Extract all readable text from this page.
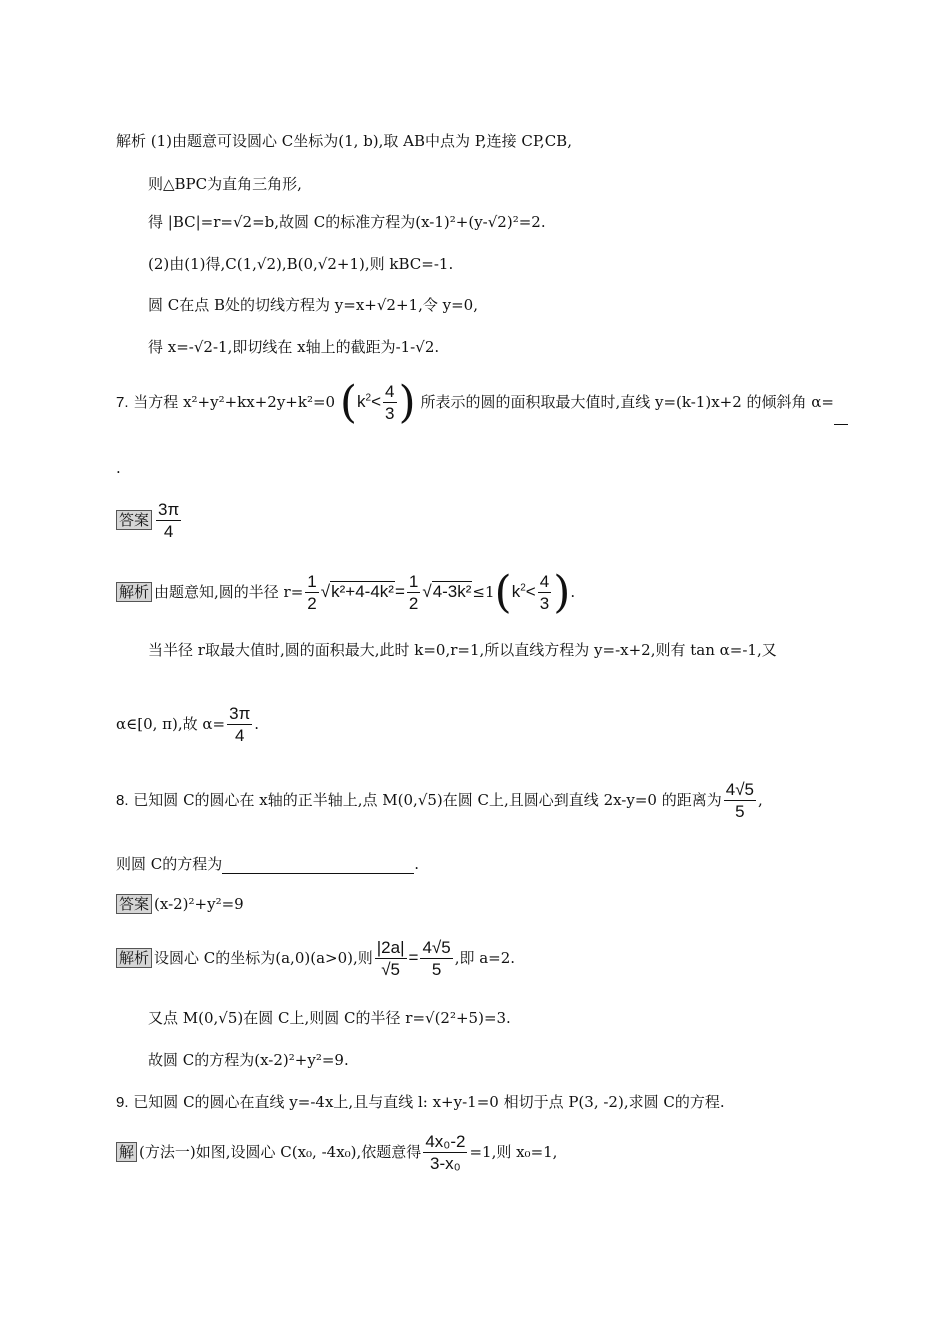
解析 (1)由题意可设圆心 C坐标为(1, b),取 AB中点为 P,连接 CP,CB,
则△BPC为直角三角形,
得 |BC|=r=√2=b,故圆 C的标准方程为(x-1)²+(y-√2)²=2.
(2)由(1)得,C(1,√2),B(0,√2+1),则 kBC=-1.
圆 C在点 B处的切线方程为 y=x+√2+1,令 y=0,
得 x=-√2-1,即切线在 x轴上的截距为-1-√2.
7. 当方程 x²+y²+kx+2y+k²=0 ($k^2< \frac{4}{3}$ ) 所表示的圆的面积取最大值时,直线 y=(k-1)x+2 的倾斜角 α=
.
答案 $\frac{3\pi}{4}$
解析 由题意知,圆的半径 $r= \frac{1}{2} √k^2+4-4k^2= \frac{1}{2} √4-3k^2\le 1(k^2< \frac{4}{3}$ ).
当半径 r取最大值时,圆的面积最大,此时 k=0,r=1,所以直线方程为 y=-x+2,则有 tan α=-1,又
α∈[0, π),故 $\alpha= \frac{3\pi}{4}$ .
8. 已知圆 C的圆心在 x轴的正半轴上,点 M(0,√5)在圆 C上,且圆心到直线 2x-y=0 的距离为 $\frac{4√5}{5}$ ,
则圆 C的方程为	.
答案 (x-2)²+y²=9
解析 设圆心 C的坐标为(a,0)(a>0),则 $\frac{|2a|}{√5} = \frac{4√5}{5}$ ,即 a=2.
又点 M(0,√5)在圆 C上,则圆 C的半径 r=√(2²+5)=3.
故圆 C的方程为(x-2)²+y²=9.
9. 已知圆 C的圆心在直线 y=-4x上,且与直线 l: x+y-1=0 相切于点 P(3, -2),求圆 C的方程.
解 (方法一)如图,设圆心 C(x₀, -4x₀),依题意得 $\frac{\text{4x₀-2}}{\text{3-x₀}} =1$,则 x₀=1,
